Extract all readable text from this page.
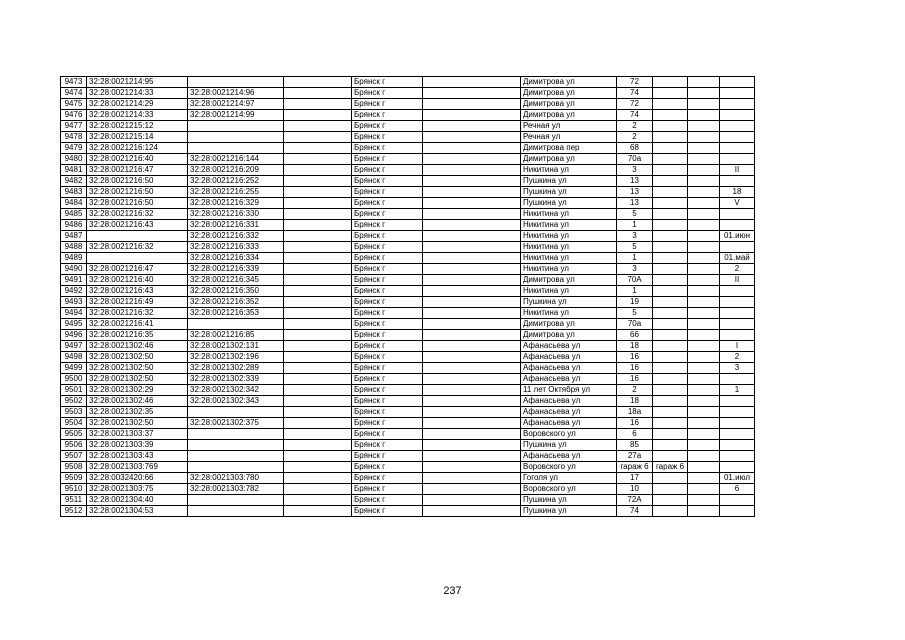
9473	32:28:0021214:95			Брянск г		Димитрова ул	72			
9474	32:28:0021214:33	32:28:0021214:96		Брянск г		Димитрова ул	74			
9475	32:28:0021214:29	32:28:0021214:97		Брянск г		Димитрова ул	72			
9476	32:28:0021214:33	32:28:0021214:99		Брянск г		Димитрова ул	74			
9477	32:28:0021215:12			Брянск г		Речная ул	2			
9478	32:28:0021215:14			Брянск г		Речная ул	2			
9479	32:28:0021216:124			Брянск г		Димитрова пер	68			
9480	32:28:0021216:40	32:28:0021216:144		Брянск г		Димитрова ул	70а			
9481	32:28:0021216:47	32:28:0021216:209		Брянск г		Никитина ул	3			II
9482	32:28:0021216:50	32:28:0021216:252		Брянск г		Пушкина ул	13			
9483	32:28:0021216:50	32:28:0021216:255		Брянск г		Пушкина ул	13			18
9484	32:28:0021216:50	32:28:0021216:329		Брянск г		Пушкина ул	13			V
9485	32:28:0021216:32	32:28:0021216:330		Брянск г		Никитина ул	5			
9486	32:28:0021216:43	32:28:0021216:331		Брянск г		Никитина ул	1			
9487		32:28:0021216:332		Брянск г		Никитина ул	3			01.июн
9488	32:28:0021216:32	32:28:0021216:333		Брянск г		Никитина ул	5			
9489		32:28:0021216:334		Брянск г		Никитина ул	1			01.май
9490	32:28:0021216:47	32:28:0021216:339		Брянск г		Никитина ул	3			2
9491	32:28:0021216:40	32:28:0021216:345		Брянск г		Димитрова ул	70А			II
9492	32:28:0021216:43	32:28:0021216:350		Брянск г		Никитина ул	1			
9493	32:28:0021216:49	32:28:0021216:352		Брянск г		Пушкина ул	19			
9494	32:28:0021216:32	32:28:0021216:353		Брянск г		Никитина ул	5			
9495	32:28:0021216:41			Брянск г		Димитрова ул	70а			
9496	32:28:0021216:35	32:28:0021216:85		Брянск г		Димитрова ул	66			
9497	32:28:0021302:46	32:28:0021302:131		Брянск г		Афанасьева ул	18			I
9498	32:28:0021302:50	32:28:0021302:196		Брянск г		Афанасьева ул	16			2
9499	32:28:0021302:50	32:28:0021302:289		Брянск г		Афанасьева ул	16			3
9500	32:28:0021302:50	32:28:0021302:339		Брянск г		Афанасьева ул	16			
9501	32:28:0021302:29	32:28:0021302:342		Брянск г		11 лет Октября ул	2			1
9502	32:28:0021302:46	32:28:0021302:343		Брянск г		Афанасьева ул	18			
9503	32:28:0021302:35			Брянск г		Афанасьева ул	18а			
9504	32:28:0021302:50	32:28:0021302:375		Брянск г		Афанасьева ул	16			
9505	32:28:0021303:37			Брянск г		Воровского ул	6			
9506	32:28:0021303:39			Брянск г		Пушкина ул	85			
9507	32:28:0021303:43			Брянск г		Афанасьева ул	27а			
9508	32:28:0021303:769			Брянск г		Воровского ул	гараж 6	гараж 6		
9509	32:28:0032420:66	32:28:0021303:780		Брянск г		Гоголя ул	17			01.июл
9510	32:28:0021303:75	32:28:0021303:782		Брянск г		Воровского ул	10			6
9511	32:28:0021304:40			Брянск г		Пушкина ул	72А			
9512	32:28:0021304:53			Брянск г		Пушкина ул	74			
237
